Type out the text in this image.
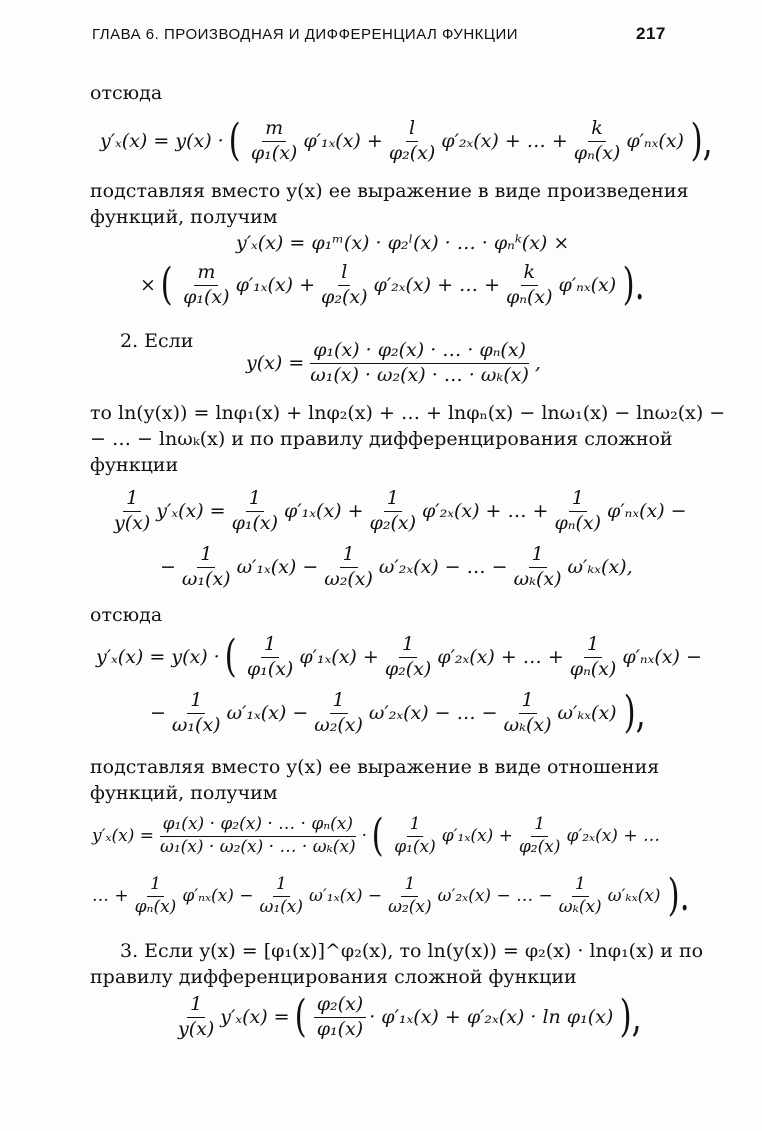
ГЛАВА 6. ПРОИЗВОДНАЯ И ДИФФЕРЕНЦИАЛ ФУНКЦИИ	217
отсюда
y′ₓ(x) = y(x) · ( $\frac{m}{\text{φ₁(x)}} \varphi'_{1x}(x) + \frac{l}{\text{φ₂(x)}} \varphi'_{2x}(x)$ + … + $\frac{k}{\text{φₙ(x)}} \varphi'_{nx}(x)$ ),
подставляя вместо y(x) ее выражение в виде произведения
функций, получим
y′ₓ(x) = φ₁ᵐ(x) · φ₂ˡ(x) · … · φₙᵏ(x) ×
× ( $\frac{m}{\text{φ₁(x)}} \varphi'_{1x}(x) + \frac{l}{\text{φ₂(x)}} \varphi'_{2x}(x)$ + … + $\frac{k}{\text{φₙ(x)}} \varphi'_{nx}(x)$ ).
2. Если
$y(x) = \frac{\text{φ₁(x) · φ₂(x) · … · φₙ(x)}}{\text{ω₁(x) · ω₂(x) · … · ωₖ(x)}}$ ,
то ln(y(x)) = lnφ₁(x) + lnφ₂(x) + … + lnφₙ(x) − lnω₁(x) − lnω₂(x) −
− … − lnωₖ(x) и по правилу дифференцирования сложной
функции
$\frac{1}{y(x)} y'_x(x) = \frac{1}{\text{φ₁(x)}} \varphi'_{1x}(x) + \frac{1}{\text{φ₂(x)}} \varphi'_{2x}(x)$ + … + $\frac{1}{\text{φₙ(x)}} \varphi'_{nx}(x)$ −
− $\frac{1}{\text{ω₁(x)}} \omega'_{1x}(x) - \frac{1}{\text{ω₂(x)}} \omega'_{2x}(x)$ − … − $\frac{1}{\text{ωₖ(x)}} \omega'_{kx}(x)$,
отсюда
y′ₓ(x) = y(x) · ( $\frac{1}{\text{φ₁(x)}} \varphi'_{1x}(x) + \frac{1}{\text{φ₂(x)}} \varphi'_{2x}(x)$ + … + $\frac{1}{\text{φₙ(x)}} \varphi'_{nx}(x)$ −
− $\frac{1}{\text{ω₁(x)}} \omega'_{1x}(x) - \frac{1}{\text{ω₂(x)}} \omega'_{2x}(x)$ − … − $\frac{1}{\text{ωₖ(x)}} \omega'_{kx}(x)$ ),
подставляя вместо y(x) ее выражение в виде отношения
функций, получим
$y'_x(x) = \frac{\text{φ₁(x) · φ₂(x) · … · φₙ(x)}}{\text{ω₁(x) · ω₂(x) · … · ωₖ(x)}}$ · ( $\frac{1}{\text{φ₁(x)}} \varphi'_{1x}(x) + \frac{1}{\text{φ₂(x)}} \varphi'_{2x}(x)$ + …
… + $\frac{1}{\text{φₙ(x)}} \varphi'_{nx}(x) - \frac{1}{\text{ω₁(x)}} \omega'_{1x}(x) - \frac{1}{\text{ω₂(x)}} \omega'_{2x}(x)$ − … − $\frac{1}{\text{ωₖ(x)}} \omega'_{kx}(x)$ ).
3. Если y(x) = [φ₁(x)]^φ₂(x), то ln(y(x)) = φ₂(x) · lnφ₁(x) и по
правилу дифференцирования сложной функции
$\frac{1}{y(x)} y'_x(x)$ = ( $\frac{\text{φ₂(x)}}{\text{φ₁(x)}} \cdot \varphi'_{1x}(x) + \varphi'_{2x}(x) \cdot \ln \varphi_1(x)$ ),
